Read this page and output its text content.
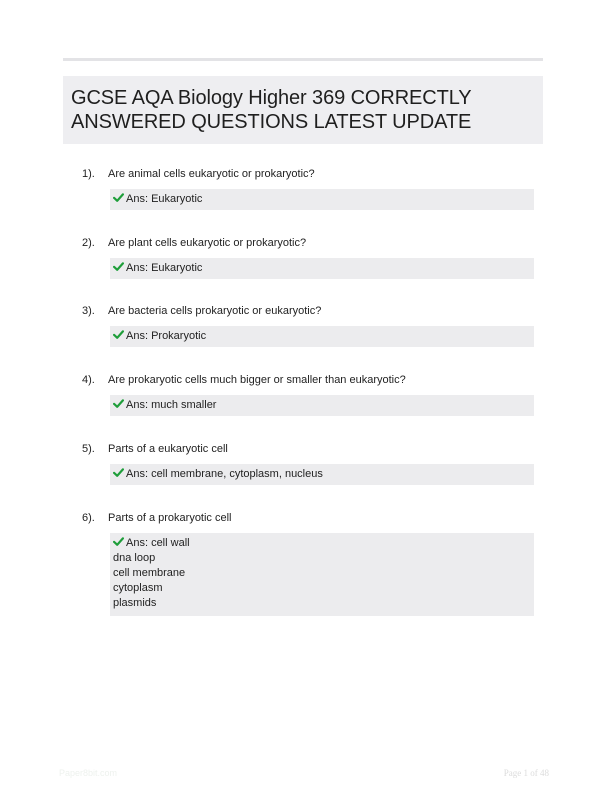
GCSE AQA Biology Higher 369 CORRECTLY ANSWERED QUESTIONS LATEST UPDATE
1). Are animal cells eukaryotic or prokaryotic?
Ans: Eukaryotic
2). Are plant cells eukaryotic or prokaryotic?
Ans: Eukaryotic
3). Are bacteria cells prokaryotic or eukaryotic?
Ans: Prokaryotic
4). Are prokaryotic cells much bigger or smaller than eukaryotic?
Ans: much smaller
5). Parts of a eukaryotic cell
Ans: cell membrane, cytoplasm, nucleus
6). Parts of a prokaryotic cell
Ans: cell wall
dna loop
cell membrane
cytoplasm
plasmids
Paper8bit.com	Page 1 of 48
